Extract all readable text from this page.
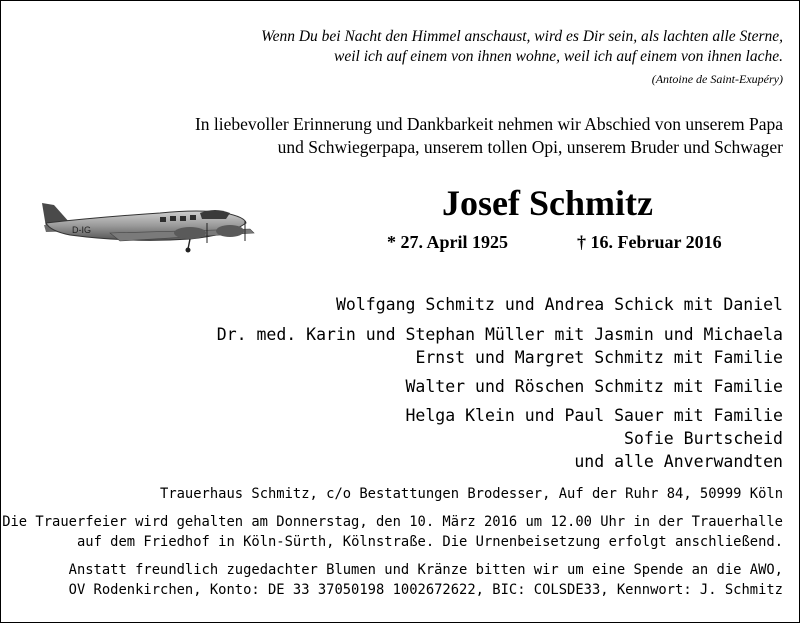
Wenn Du bei Nacht den Himmel anschaust, wird es Dir sein, als lachten alle Sterne,
weil ich auf einem von ihnen wohne, weil ich auf einem von ihnen lache.
(Antoine de Saint-Exupéry)
In liebevoller Erinnerung und Dankbarkeit nehmen wir Abschied von unserem Papa
und Schwiegerpapa, unserem tollen Opi, unserem Bruder und Schwager
D-IG
Josef Schmitz
* 27. April 1925	† 16. Februar 2016
Wolfgang Schmitz und Andrea Schick mit Daniel
Dr. med. Karin und Stephan Müller mit Jasmin und Michaela
Ernst und Margret Schmitz mit Familie
Walter und Röschen Schmitz mit Familie
Helga Klein und Paul Sauer mit Familie
Sofie Burtscheid
und alle Anverwandten
Trauerhaus Schmitz, c/o Bestattungen Brodesser, Auf der Ruhr 84, 50999 Köln
Die Trauerfeier wird gehalten am Donnerstag, den 10. März 2016 um 12.00 Uhr in der Trauerhalle
auf dem Friedhof in Köln-Sürth, Kölnstraße. Die Urnenbeisetzung erfolgt anschließend.
Anstatt freundlich zugedachter Blumen und Kränze bitten wir um eine Spende an die AWO,
OV Rodenkirchen, Konto: DE 33 37050198 1002672622, BIC: COLSDE33, Kennwort: J. Schmitz
